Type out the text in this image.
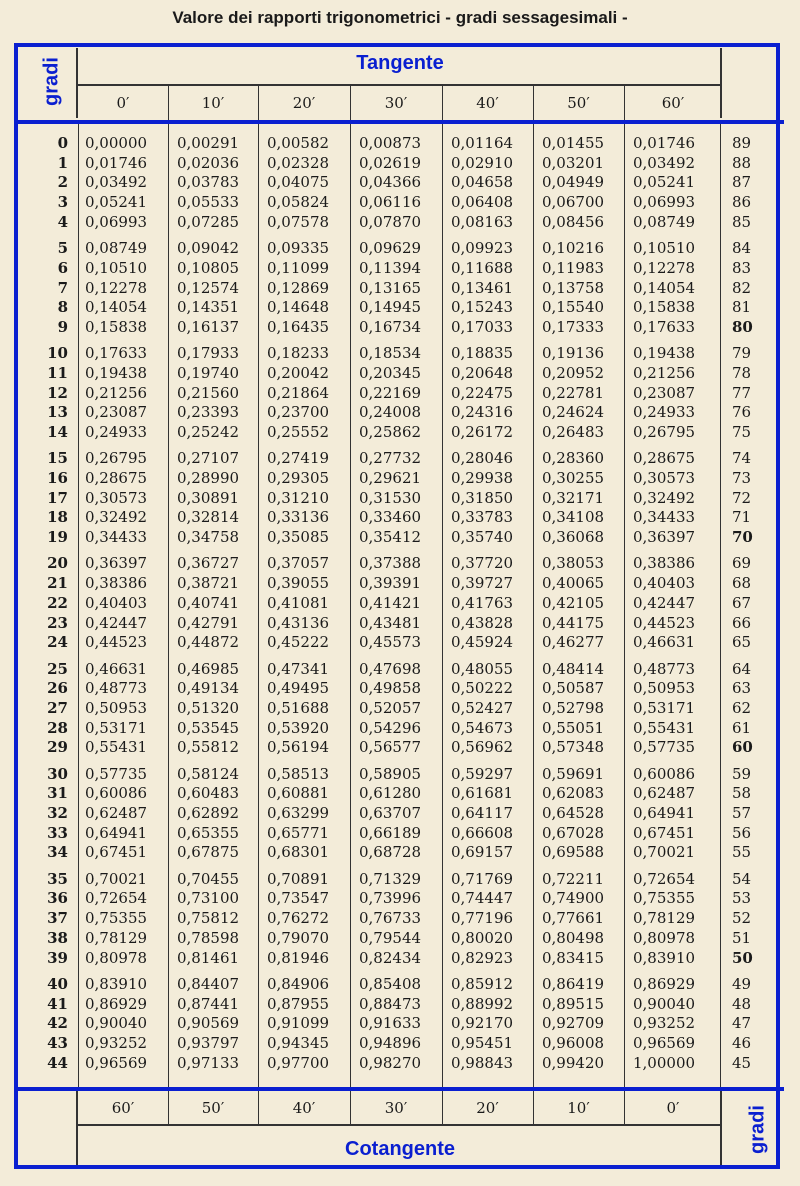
Valore dei rapporti trigonometrici - gradi sessagesimali -
gradi
gradi
Tangente
Cotangente
0′	10′	20′	30′	40′	50′	60′
60′	50′	40′	30′	20′	10′	0′
0 0,00000	0,00291	0,00582	0,00873	0,01164	0,01455	0,01746	89
1 0,01746	0,02036	0,02328	0,02619	0,02910	0,03201	0,03492	88
2 0,03492	0,03783	0,04075	0,04366	0,04658	0,04949	0,05241	87
3 0,05241	0,05533	0,05824	0,06116	0,06408	0,06700	0,06993	86
4 0,06993	0,07285	0,07578	0,07870	0,08163	0,08456	0,08749	85
5 0,08749	0,09042	0,09335	0,09629	0,09923	0,10216	0,10510	84
6 0,10510	0,10805	0,11099	0,11394	0,11688	0,11983	0,12278	83
7 0,12278	0,12574	0,12869	0,13165	0,13461	0,13758	0,14054	82
8 0,14054	0,14351	0,14648	0,14945	0,15243	0,15540	0,15838	81
9 0,15838	0,16137	0,16435	0,16734	0,17033	0,17333	0,17633	80
10 0,17633	0,17933	0,18233	0,18534	0,18835	0,19136	0,19438	79
11 0,19438	0,19740	0,20042	0,20345	0,20648	0,20952	0,21256	78
12 0,21256	0,21560	0,21864	0,22169	0,22475	0,22781	0,23087	77
13 0,23087	0,23393	0,23700	0,24008	0,24316	0,24624	0,24933	76
14 0,24933	0,25242	0,25552	0,25862	0,26172	0,26483	0,26795	75
15 0,26795	0,27107	0,27419	0,27732	0,28046	0,28360	0,28675	74
16 0,28675	0,28990	0,29305	0,29621	0,29938	0,30255	0,30573	73
17 0,30573	0,30891	0,31210	0,31530	0,31850	0,32171	0,32492	72
18 0,32492	0,32814	0,33136	0,33460	0,33783	0,34108	0,34433	71
19 0,34433	0,34758	0,35085	0,35412	0,35740	0,36068	0,36397	70
20 0,36397	0,36727	0,37057	0,37388	0,37720	0,38053	0,38386	69
21 0,38386	0,38721	0,39055	0,39391	0,39727	0,40065	0,40403	68
22 0,40403	0,40741	0,41081	0,41421	0,41763	0,42105	0,42447	67
23 0,42447	0,42791	0,43136	0,43481	0,43828	0,44175	0,44523	66
24 0,44523	0,44872	0,45222	0,45573	0,45924	0,46277	0,46631	65
25 0,46631	0,46985	0,47341	0,47698	0,48055	0,48414	0,48773	64
26 0,48773	0,49134	0,49495	0,49858	0,50222	0,50587	0,50953	63
27 0,50953	0,51320	0,51688	0,52057	0,52427	0,52798	0,53171	62
28 0,53171	0,53545	0,53920	0,54296	0,54673	0,55051	0,55431	61
29 0,55431	0,55812	0,56194	0,56577	0,56962	0,57348	0,57735	60
30 0,57735	0,58124	0,58513	0,58905	0,59297	0,59691	0,60086	59
31 0,60086	0,60483	0,60881	0,61280	0,61681	0,62083	0,62487	58
32 0,62487	0,62892	0,63299	0,63707	0,64117	0,64528	0,64941	57
33 0,64941	0,65355	0,65771	0,66189	0,66608	0,67028	0,67451	56
34 0,67451	0,67875	0,68301	0,68728	0,69157	0,69588	0,70021	55
35 0,70021	0,70455	0,70891	0,71329	0,71769	0,72211	0,72654	54
36 0,72654	0,73100	0,73547	0,73996	0,74447	0,74900	0,75355	53
37 0,75355	0,75812	0,76272	0,76733	0,77196	0,77661	0,78129	52
38 0,78129	0,78598	0,79070	0,79544	0,80020	0,80498	0,80978	51
39 0,80978	0,81461	0,81946	0,82434	0,82923	0,83415	0,83910	50
40 0,83910	0,84407	0,84906	0,85408	0,85912	0,86419	0,86929	49
41 0,86929	0,87441	0,87955	0,88473	0,88992	0,89515	0,90040	48
42 0,90040	0,90569	0,91099	0,91633	0,92170	0,92709	0,93252	47
43 0,93252	0,93797	0,94345	0,94896	0,95451	0,96008	0,96569	46
44 0,96569	0,97133	0,97700	0,98270	0,98843	0,99420	1,00000	45
